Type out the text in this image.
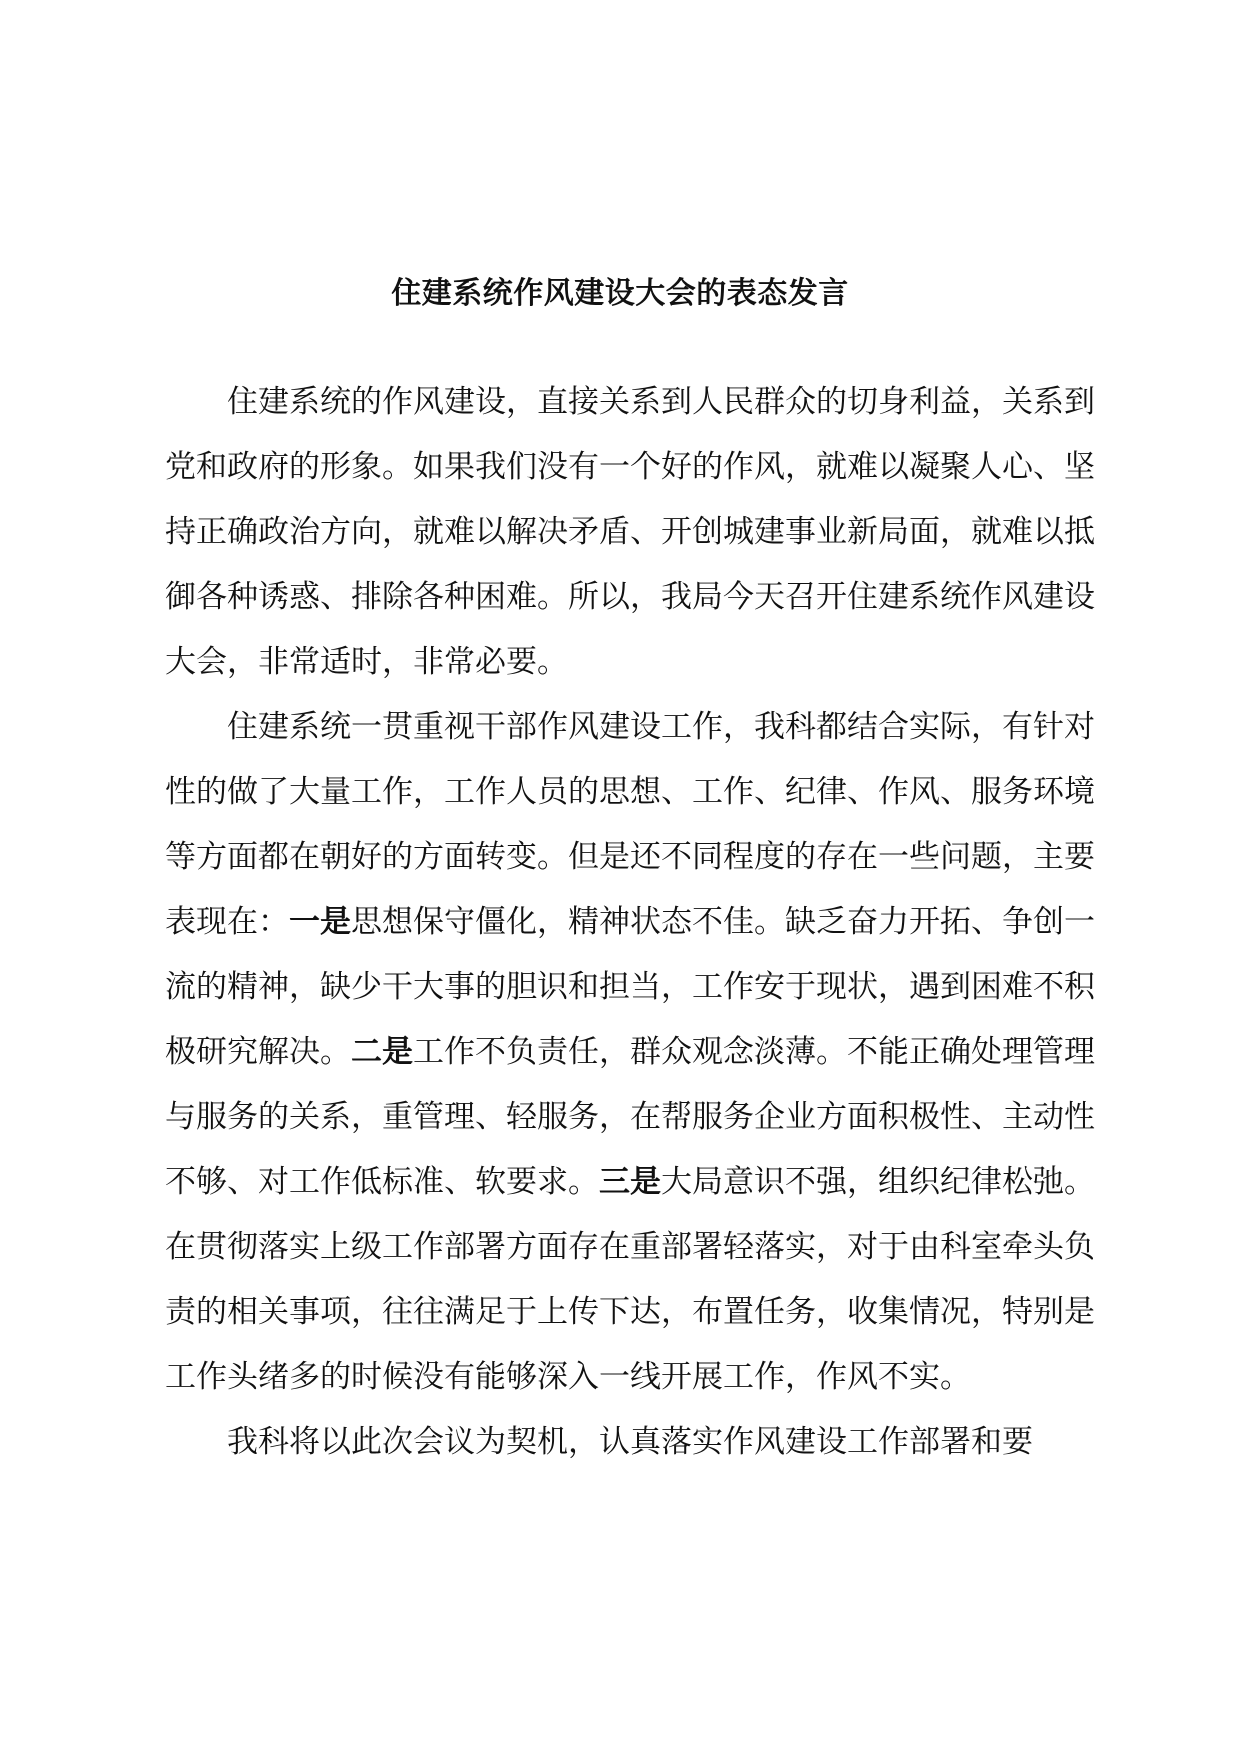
住建系统作风建设大会的表态发言

住建系统的作风建设，直接关系到人民群众的切身利益，关系到党和政府的形象。如果我们没有一个好的作风，就难以凝聚人心、坚持正确政治方向，就难以解决矛盾、开创城建事业新局面，就难以抵御各种诱惑、排除各种困难。所以，我局今天召开住建系统作风建设大会，非常适时，非常必要。

住建系统一贯重视干部作风建设工作，我科都结合实际，有针对性的做了大量工作，工作人员的思想、工作、纪律、作风、服务环境等方面都在朝好的方面转变。但是还不同程度的存在一些问题，主要表现在：一是思想保守僵化，精神状态不佳。缺乏奋力开拓、争创一流的精神，缺少干大事的胆识和担当，工作安于现状，遇到困难不积极研究解决。二是工作不负责任，群众观念淡薄。不能正确处理管理与服务的关系，重管理、轻服务，在帮服务企业方面积极性、主动性不够、对工作低标准、软要求。三是大局意识不强，组织纪律松弛。在贯彻落实上级工作部署方面存在重部署轻落实，对于由科室牵头负责的相关事项，往往满足于上传下达，布置任务，收集情况，特别是工作头绪多的时候没有能够深入一线开展工作，作风不实。

我科将以此次会议为契机，认真落实作风建设工作部署和要
